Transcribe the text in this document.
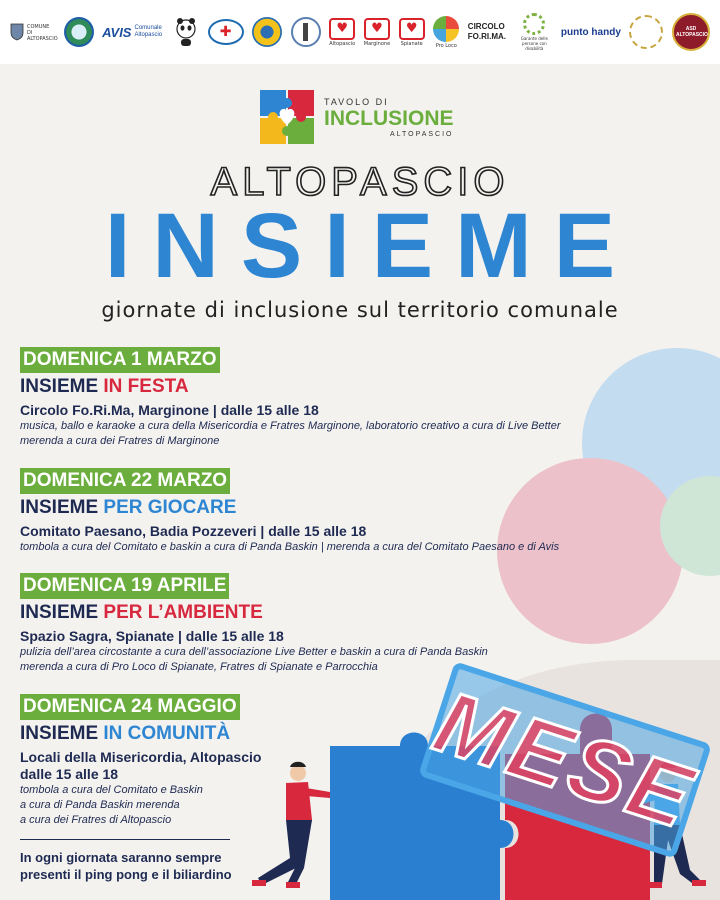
COMUNE DI ALTOPASCIO	AVIS Comunale Altopascio	✚	♥
Altopascio
♥
Marginone
♥
Spianate	Pro Loco
CIRCOLO FO.RI.MA.	Garante delle persone con disabilità
punto handy	ASD ALTOPASCIO
TAVOLO DI
INCLUSIONE
ALTOPASCIO
ALTOPASCIO
INSIEME
giornate di inclusione sul territorio comunale
DOMENICA 1 MARZO
INSIEME IN FESTA
Circolo Fo.Ri.Ma, Marginone | dalle 15 alle 18
musica, ballo e karaoke a cura della Misericordia e Fratres Marginone, laboratorio creativo a cura di Live Better
merenda a cura dei Fratres di Marginone
DOMENICA 22 MARZO
INSIEME PER GIOCARE
Comitato Paesano, Badia Pozzeveri | dalle 15 alle 18
tombola a cura del Comitato e baskin a cura di Panda Baskin | merenda a cura del Comitato Paesano e di Avis
DOMENICA 19 APRILE
INSIEME PER L’AMBIENTE
Spazio Sagra, Spianate | dalle 15 alle 18
pulizia dell’area circostante a cura dell’associazione Live Better e baskin a cura di Panda Baskin
merenda a cura di Pro Loco di Spianate, Fratres di Spianate e Parrocchia
DOMENICA 24 MAGGIO
INSIEME IN COMUNITÀ
Locali della Misericordia, Altopascio
dalle 15 alle 18
tombola a cura del Comitato e Baskin
a cura di Panda Baskin merenda
a cura dei Fratres di Altopascio
In ogni giornata saranno sempre
presenti il ping pong e il biliardino
MESE
